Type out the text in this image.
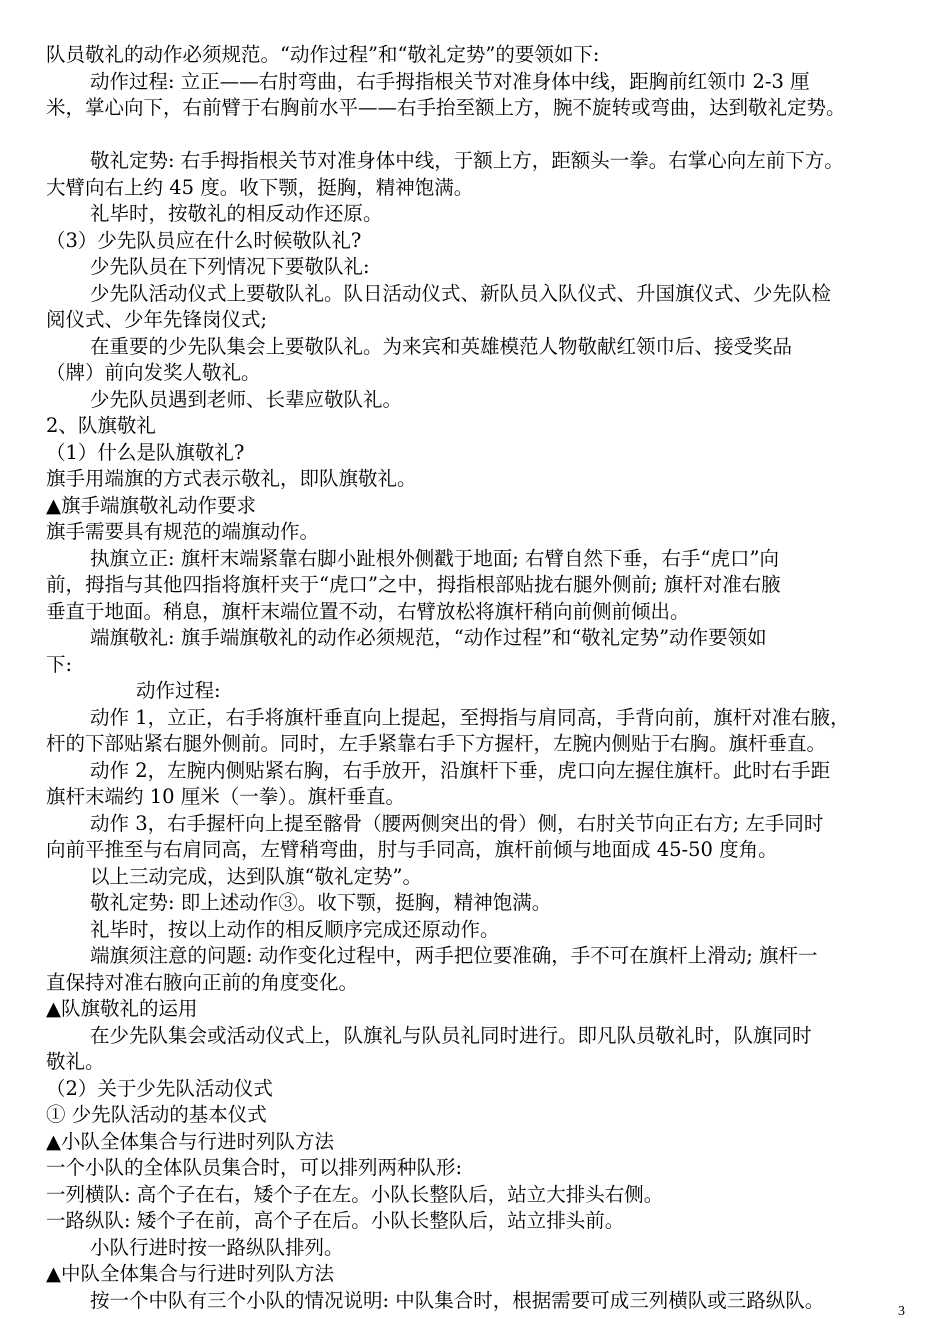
队员敬礼的动作必须规范。“动作过程”和“敬礼定势”的要领如下:
动作过程: 立正——右肘弯曲，右手拇指根关节对准身体中线，距胸前红领巾 2-3 厘
米，掌心向下，右前臂于右胸前水平——右手抬至额上方，腕不旋转或弯曲，达到敬礼定势。
敬礼定势: 右手拇指根关节对准身体中线，于额上方，距额头一拳。右掌心向左前下方。
大臂向右上约 45 度。收下颚，挺胸，精神饱满。
礼毕时，按敬礼的相反动作还原。
（3）少先队员应在什么时候敬队礼?
少先队员在下列情况下要敬队礼:
少先队活动仪式上要敬队礼。队日活动仪式、新队员入队仪式、升国旗仪式、少先队检
阅仪式、少年先锋岗仪式;
在重要的少先队集会上要敬队礼。为来宾和英雄模范人物敬献红领巾后、接受奖品
（牌）前向发奖人敬礼。
少先队员遇到老师、长辈应敬队礼。
2、队旗敬礼
（1）什么是队旗敬礼?
旗手用端旗的方式表示敬礼，即队旗敬礼。
▲旗手端旗敬礼动作要求
旗手需要具有规范的端旗动作。
执旗立正: 旗杆末端紧靠右脚小趾根外侧戳于地面; 右臂自然下垂，右手“虎口”向
前，拇指与其他四指将旗杆夹于“虎口”之中，拇指根部贴拢右腿外侧前; 旗杆对准右腋
垂直于地面。稍息，旗杆末端位置不动，右臂放松将旗杆稍向前侧前倾出。
端旗敬礼: 旗手端旗敬礼的动作必须规范，“动作过程”和“敬礼定势”动作要领如
下:
动作过程:
动作 1，立正，右手将旗杆垂直向上提起，至拇指与肩同高，手背向前，旗杆对准右腋，
杆的下部贴紧右腿外侧前。同时，左手紧靠右手下方握杆，左腕内侧贴于右胸。旗杆垂直。
动作 2，左腕内侧贴紧右胸，右手放开，沿旗杆下垂，虎口向左握住旗杆。此时右手距
旗杆末端约 10 厘米（一拳）。旗杆垂直。
动作 3，右手握杆向上提至髂骨（腰两侧突出的骨）侧，右肘关节向正右方; 左手同时
向前平推至与右肩同高，左臂稍弯曲，肘与手同高，旗杆前倾与地面成 45-50 度角。
以上三动完成，达到队旗“敬礼定势”。
敬礼定势: 即上述动作③。收下颚，挺胸，精神饱满。
礼毕时，按以上动作的相反顺序完成还原动作。
端旗须注意的问题: 动作变化过程中，两手把位要准确，手不可在旗杆上滑动; 旗杆一
直保持对准右腋向正前的角度变化。
▲队旗敬礼的运用
在少先队集会或活动仪式上，队旗礼与队员礼同时进行。即凡队员敬礼时，队旗同时
敬礼。
（2）关于少先队活动仪式
① 少先队活动的基本仪式
▲小队全体集合与行进时列队方法
一个小队的全体队员集合时，可以排列两种队形:
一列横队: 高个子在右，矮个子在左。小队长整队后，站立大排头右侧。
一路纵队: 矮个子在前，高个子在后。小队长整队后，站立排头前。
小队行进时按一路纵队排列。
▲中队全体集合与行进时列队方法
按一个中队有三个小队的情况说明: 中队集合时，根据需要可成三列横队或三路纵队。	3
